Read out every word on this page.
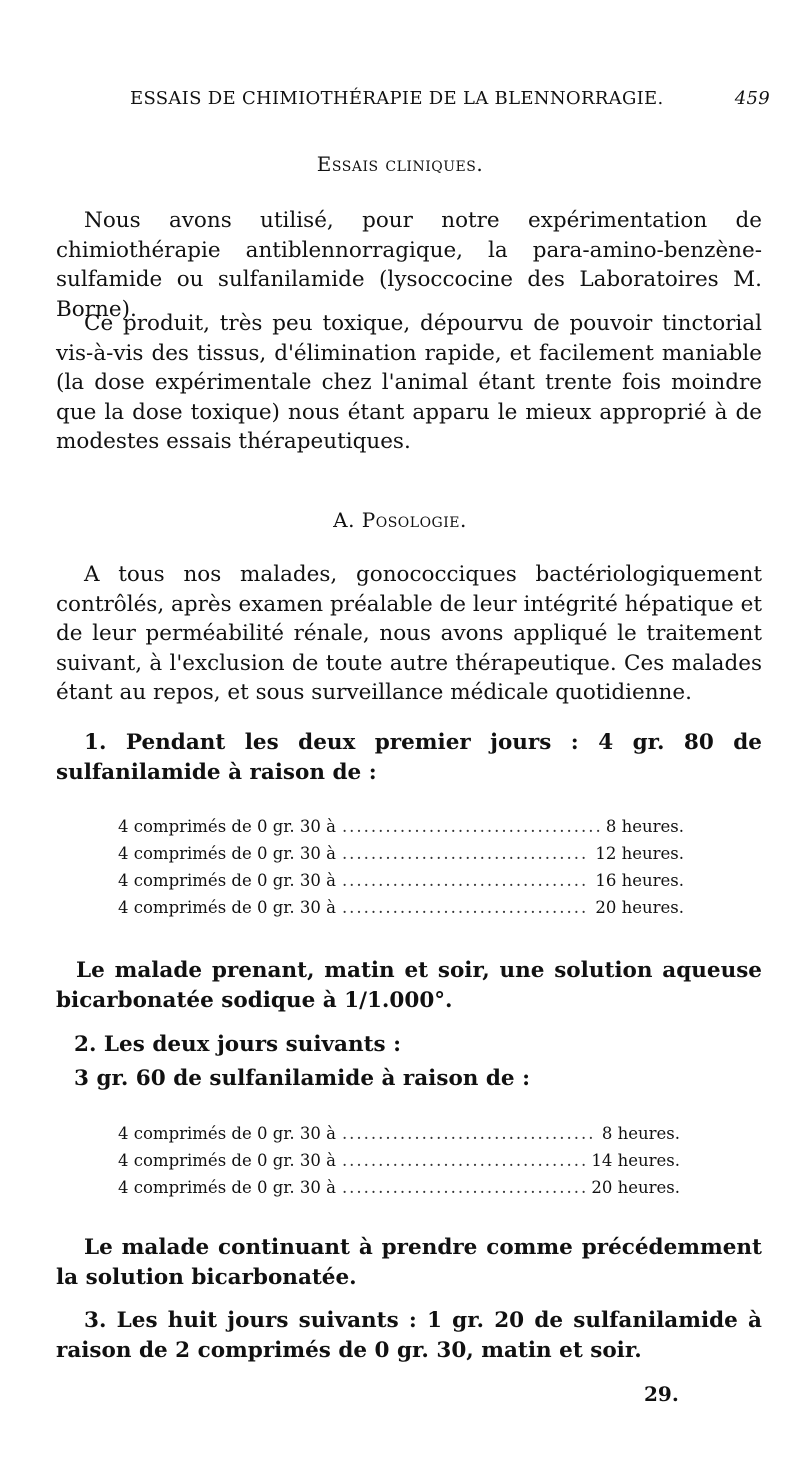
ESSAIS DE CHIMIOTHÉRAPIE DE LA BLENNORRAGIE.	459
Essais cliniques.

Nous avons utilisé, pour notre expérimentation de chimiothérapie antiblennorragique, la para-amino-benzène-sulfamide ou sulfanilamide (lysoccocine des Laboratoires M. Borne).

Ce produit, très peu toxique, dépourvu de pouvoir tinctorial vis-à-vis des tissus, d'élimination rapide, et facilement maniable (la dose expérimentale chez l'animal étant trente fois moindre que la dose toxique) nous étant apparu le mieux approprié à de modestes essais thérapeutiques.

A. Posologie.

A tous nos malades, gonococciques bactériologiquement contrôlés, après examen préalable de leur intégrité hépatique et de leur perméabilité rénale, nous avons appliqué le traitement suivant, à l'exclusion de toute autre thérapeutique. Ces malades étant au repos, et sous surveillance médicale quotidienne.

1. Pendant les deux premier jours : 4 gr. 80 de sulfanilamide à raison de :

4 comprimés de 0 gr. 30 à .....	8 heures.
4 comprimés de 0 gr. 30 à .....	12 heures.
4 comprimés de 0 gr. 30 à .....	16 heures.
4 comprimés de 0 gr. 30 à .....	20 heures.

Le malade prenant, matin et soir, une solution aqueuse bicarbonatée sodique à 1/1.000°.

2. Les deux jours suivants :

3 gr. 60 de sulfanilamide à raison de :

4 comprimés de 0 gr. 30 à .....	8 heures.
4 comprimés de 0 gr. 30 à .....	14 heures.
4 comprimés de 0 gr. 30 à .....	20 heures.

Le malade continuant à prendre comme précédemment la solution bicarbonatée.

3. Les huit jours suivants : 1 gr. 20 de sulfanilamide à raison de 2 comprimés de 0 gr. 30, matin et soir.

29.
